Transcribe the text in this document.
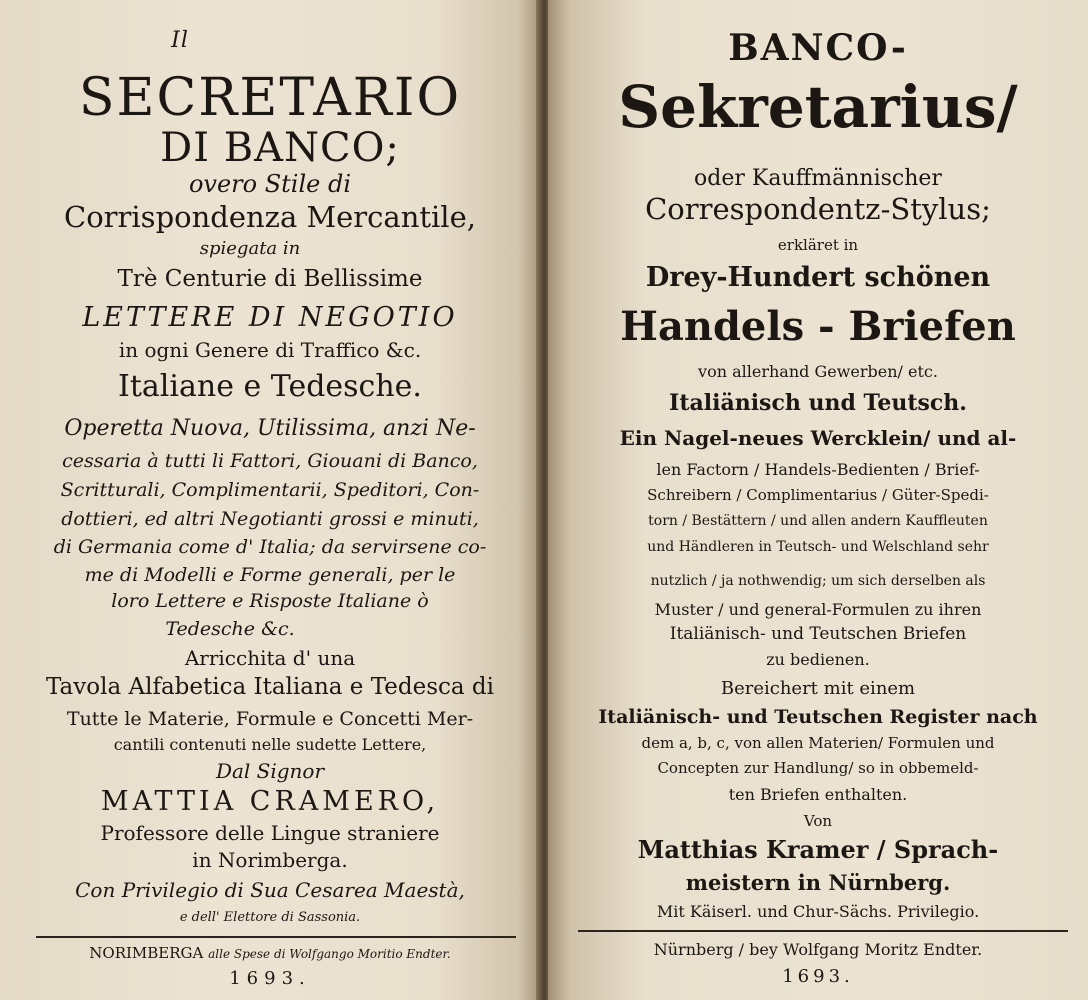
Il
SECRETARIO
DI BANCO;
overo Stile di
Corrispondenza Mercantile,
spiegata in
Trè Centurie di Bellissime
LETTERE DI NEGOTIO
in ogni Genere di Traffico &c.
Italiane e Tedesche.
Operetta Nuova, Utilissima, anzi Ne-
cessaria à tutti li Fattori, Giouani di Banco,
Scritturali, Complimentarii, Speditori, Con-
dottieri, ed altri Negotianti grossi e minuti,
di Germania come d' Italia; da servirsene co-
me di Modelli e Forme generali, per le
loro Lettere e Risposte Italiane ò
Tedesche &c.
Arricchita d' una
Tavola Alfabetica Italiana e Tedesca di
Tutte le Materie, Formule e Concetti Mer-
cantili contenuti nelle sudette Lettere,
Dal Signor
MATTIA CRAMERO,
Professore delle Lingue straniere
in Norimberga.
Con Privilegio di Sua Cesarea Maestà,
e dell' Elettore di Sassonia.
NORIMBERGA alle Spese di Wolfgango Moritio Endter.
1693.
BANCO-
Sekretarius/
oder Kauffmännischer
Correspondentz-Stylus;
erkläret in
Drey-Hundert schönen
Handels - Briefen
von allerhand Gewerben/ etc.
Italiänisch und Teutsch.
Ein Nagel-neues Wercklein/ und al-
len Factorn / Handels-Bedienten / Brief-
Schreibern / Complimentarius / Güter-Spedi-
torn / Bestättern / und allen andern Kauffleuten
und Händleren in Teutsch- und Welschland sehr
nutzlich / ja nothwendig; um sich derselben als
Muster / und general-Formulen zu ihren
Italiänisch- und Teutschen Briefen
zu bedienen.
Bereichert mit einem
Italiänisch- und Teutschen Register nach
dem a, b, c, von allen Materien/ Formulen und
Concepten zur Handlung/ so in obbemeld-
ten Briefen enthalten.
Von
Matthias Kramer / Sprach-
meistern in Nürnberg.
Mit Käiserl. und Chur-Sächs. Privilegio.
Nürnberg / bey Wolfgang Moritz Endter.
1693.
